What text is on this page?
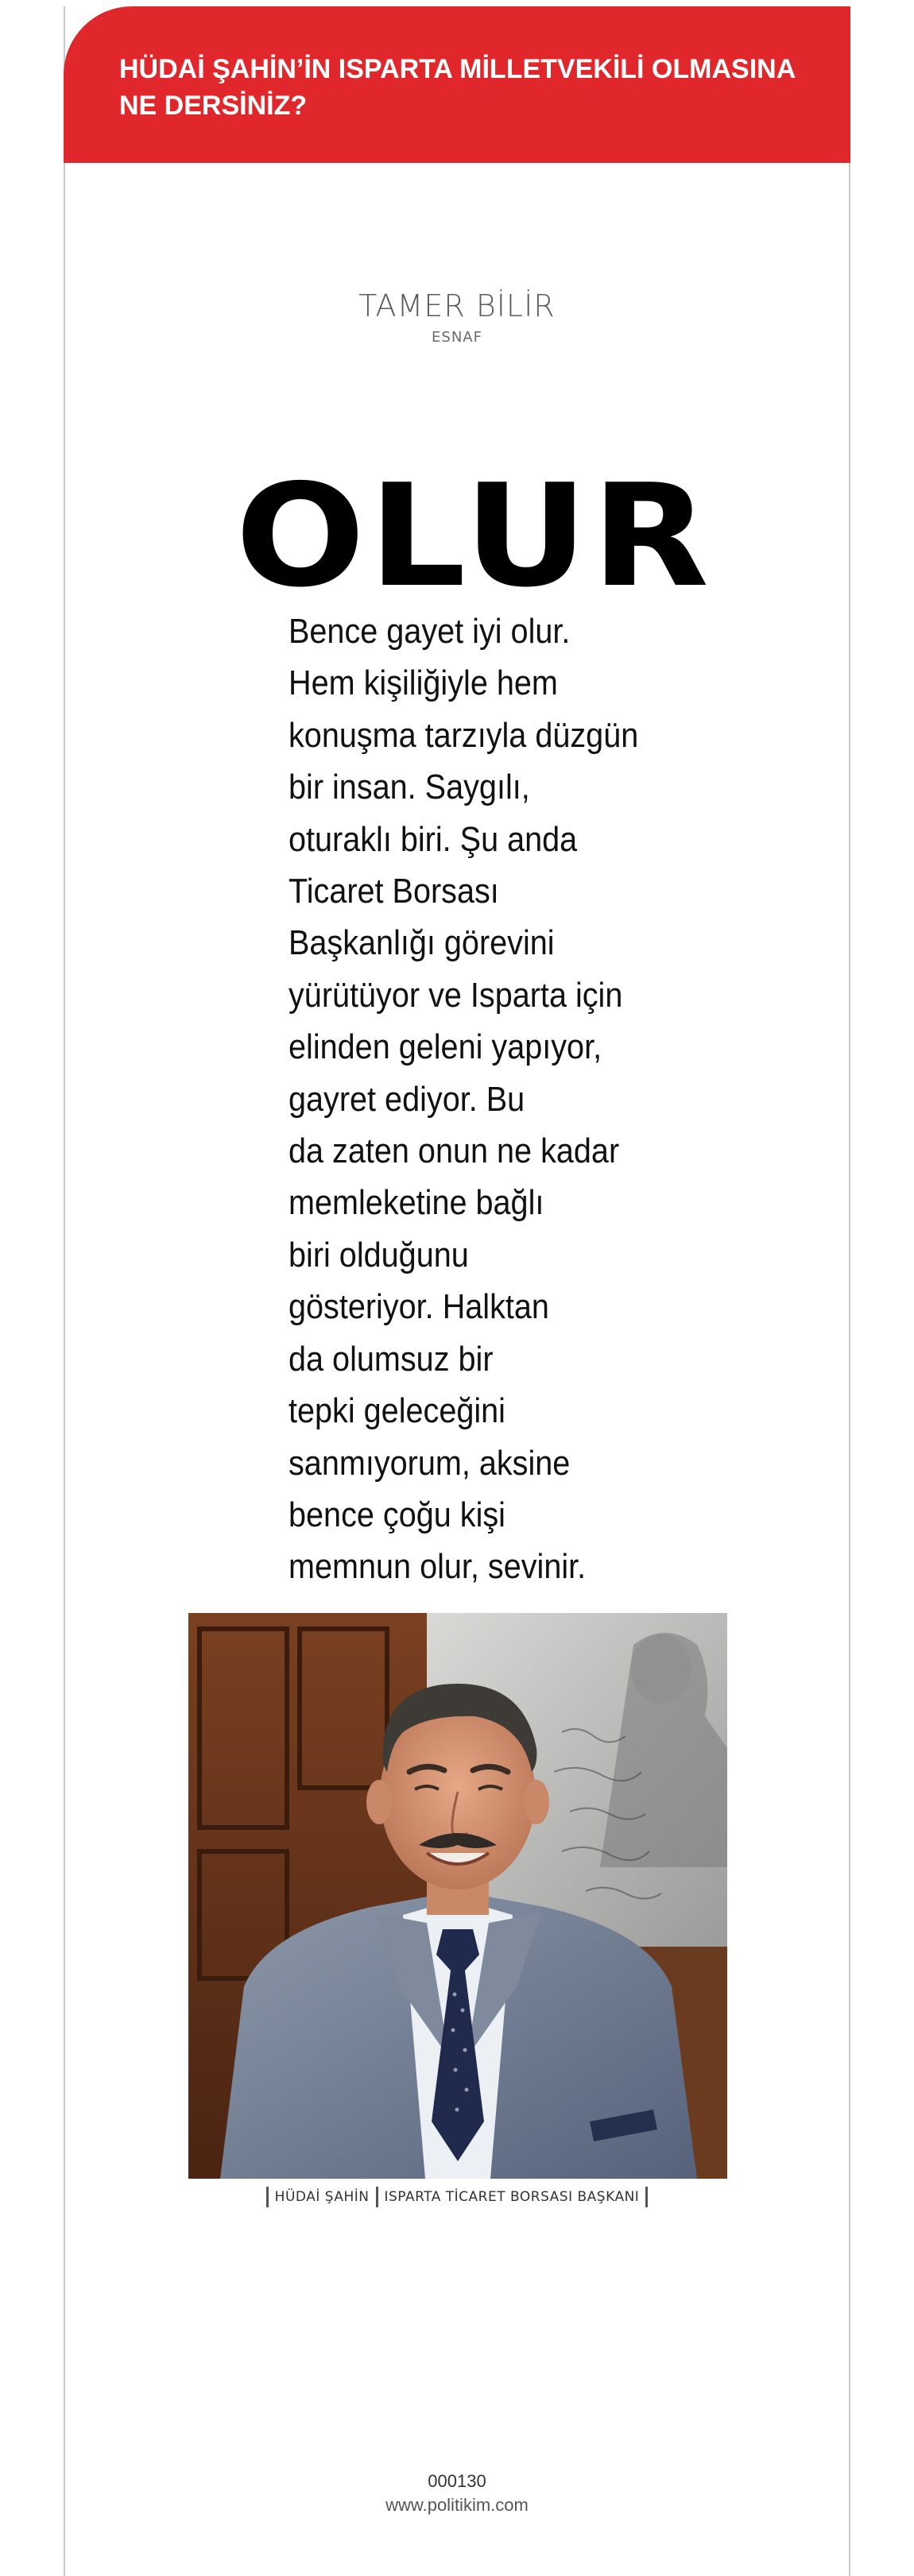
HÜDAİ ŞAHİN’İN ISPARTA MİLLETVEKİLİ OLMASINA NE DERSİNİZ?
TAMER BİLİR
ESNAF
OLUR
Bence gayet iyi olur.
Hem kişiliğiyle hem
konuşma tarzıyla düzgün
bir insan. Saygılı,
oturaklı biri. Şu anda
Ticaret Borsası
Başkanlığı görevini
yürütüyor ve Isparta için
elinden geleni yapıyor,
gayret ediyor. Bu
da zaten onun ne kadar
memleketine bağlı
biri olduğunu
gösteriyor. Halktan
da olumsuz bir
tepki geleceğini
sanmıyorum, aksine
bence çoğu kişi
memnun olur, sevinir.
HÜDAİ ŞAHİN ISPARTA TİCARET BORSASI BAŞKANI
000130
www.politikim.com
